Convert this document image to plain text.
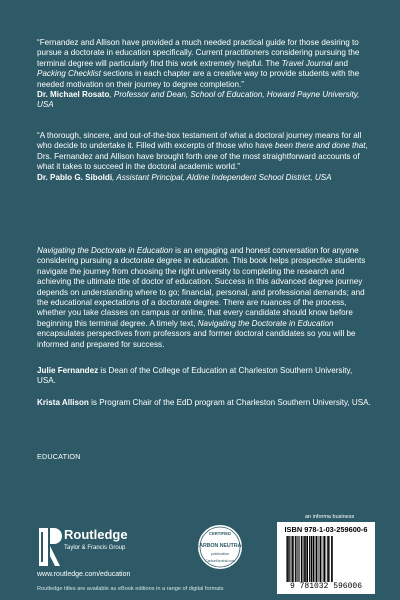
“Fernandez and Allison have provided a much needed practical guide for those desiring to pursue a doctorate in education specifically. Current practitioners considering pursuing the terminal degree will particularly find this work extremely helpful. The Travel Journal and Packing Checklist sections in each chapter are a creative way to provide students with the needed motivation on their journey to degree completion.”
Dr. Michael Rosato, Professor and Dean, School of Education, Howard Payne University, USA
“A thorough, sincere, and out-of-the-box testament of what a doctoral journey means for all who decide to undertake it. Filled with excerpts of those who have been there and done that, Drs. Fernandez and Allison have brought forth one of the most straightforward accounts of what it takes to succeed in the doctoral academic world.”
Dr. Pablo G. Siboldi, Assistant Principal, Aldine Independent School District, USA
Navigating the Doctorate in Education is an engaging and honest conversation for anyone considering pursuing a doctorate degree in education. This book helps prospective students navigate the journey from choosing the right university to completing the research and achieving the ultimate title of doctor of education. Success in this advanced degree journey depends on understanding where to go; financial, personal, and professional demands; and the educational expectations of a doctorate degree. There are nuances of the process, whether you take classes on campus or online, that every candidate should know before beginning this terminal degree. A timely text, Navigating the Doctorate in Education encapsulates perspectives from professors and former doctoral candidates so you will be informed and prepared for success.
Julie Fernandez is Dean of the College of Education at Charleston Southern University, USA.
Krista Allison is Program Chair of the EdD program at Charleston Southern University, USA.
EDUCATION
Routledge
Taylor & Francis Group
www.routledge.com/education
Routledge titles are available as eBook editions in a range of digital formats
CERTIFIED
CARBON NEUTRAL
publication
CarbonNeutral.com
an informa business
ISBN 978-1-03-259600-6
9 781032 596006
